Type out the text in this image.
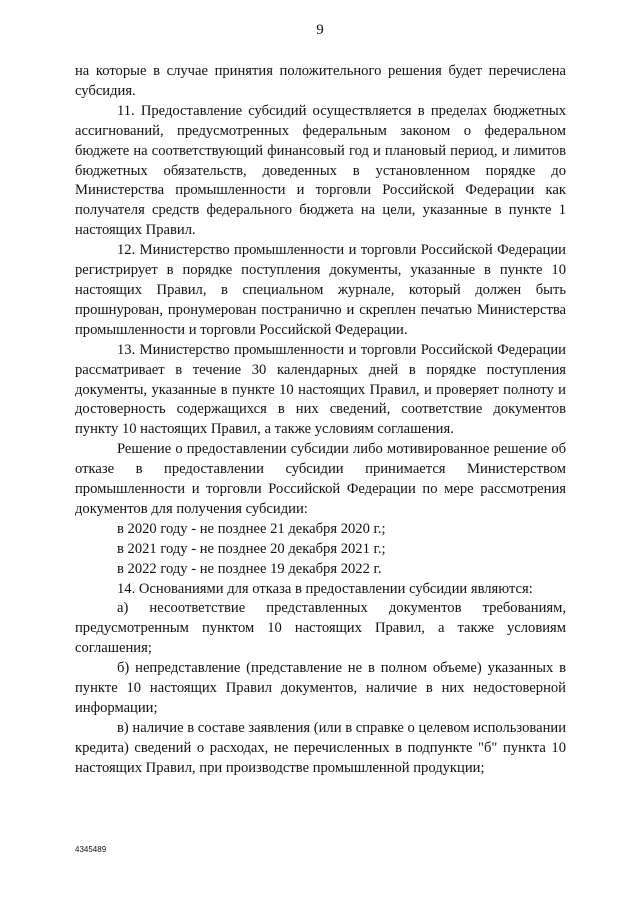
9

на которые в случае принятия положительного решения будет перечислена субсидия.

11. Предоставление субсидий осуществляется в пределах бюджетных ассигнований, предусмотренных федеральным законом о федеральном бюджете на соответствующий финансовый год и плановый период, и лимитов бюджетных обязательств, доведенных в установленном порядке до Министерства промышленности и торговли Российской Федерации как получателя средств федерального бюджета на цели, указанные в пункте 1 настоящих Правил.

12. Министерство промышленности и торговли Российской Федерации регистрирует в порядке поступления документы, указанные в пункте 10 настоящих Правил, в специальном журнале, который должен быть прошнурован, пронумерован постранично и скреплен печатью Министерства промышленности и торговли Российской Федерации.

13. Министерство промышленности и торговли Российской Федерации рассматривает в течение 30 календарных дней в порядке поступления документы, указанные в пункте 10 настоящих Правил, и проверяет полноту и достоверность содержащихся в них сведений, соответствие документов пункту 10 настоящих Правил, а также условиям соглашения.

Решение о предоставлении субсидии либо мотивированное решение об отказе в предоставлении субсидии принимается Министерством промышленности и торговли Российской Федерации по мере рассмотрения документов для получения субсидии:

в 2020 году - не позднее 21 декабря 2020 г.;

в 2021 году - не позднее 20 декабря 2021 г.;

в 2022 году - не позднее 19 декабря 2022 г.

14. Основаниями для отказа в предоставлении субсидии являются:

а) несоответствие представленных документов требованиям, предусмотренным пунктом 10 настоящих Правил, а также условиям соглашения;

б) непредставление (представление не в полном объеме) указанных в пункте 10 настоящих Правил документов, наличие в них недостоверной информации;

в) наличие в составе заявления (или в справке о целевом использовании кредита) сведений о расходах, не перечисленных в подпункте "б" пункта 10 настоящих Правил, при производстве промышленной продукции;

4345489
